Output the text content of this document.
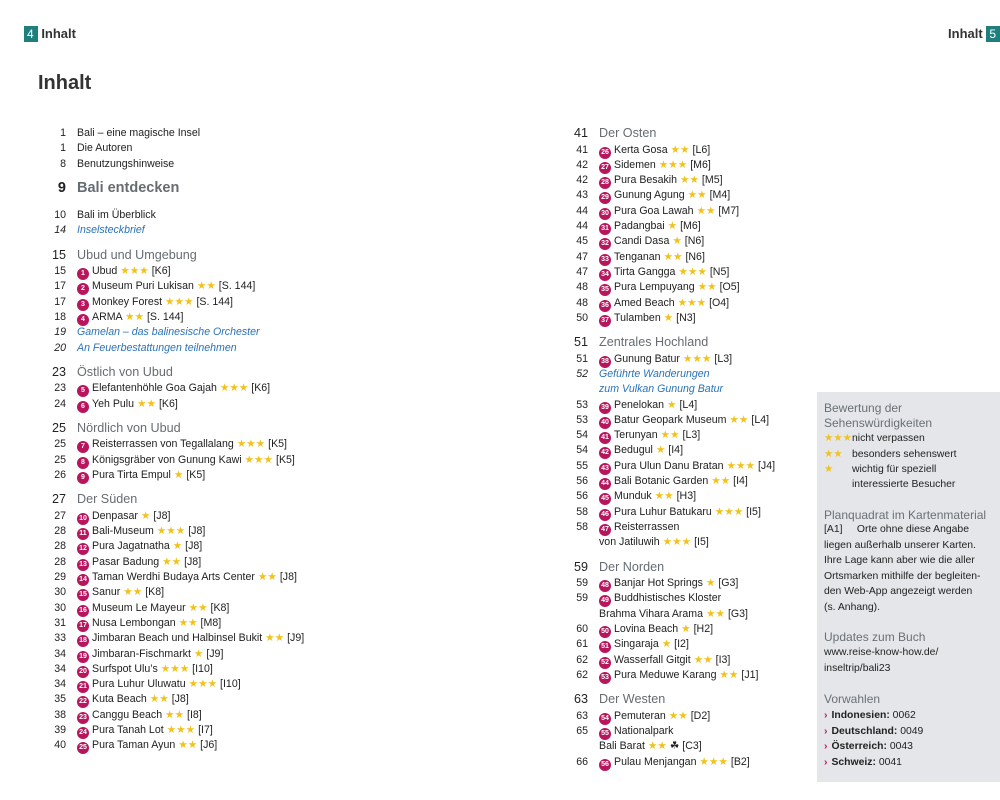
4 Inhalt	Inhalt 5
Inhalt
1 Bali – eine magische Insel
1 Die Autoren
8 Benutzungshinweise
9 Bali entdecken
10 Bali im Überblick
14 Inselsteckbrief
15 Ubud und Umgebung
15	1 Ubud ★★★ [K6]
17	2 Museum Puri Lukisan ★★ [S. 144]
17	3 Monkey Forest ★★★ [S. 144]
18	4 ARMA ★★ [S. 144]
19 Gamelan – das balinesische Orchester
20 An Feuerbestattungen teilnehmen
23 Östlich von Ubud
23	5 Elefantenhöhle Goa Gajah ★★★ [K6]
24	6 Yeh Pulu ★★ [K6]
25 Nördlich von Ubud
25	7 Reisterrassen von Tegallalang ★★★ [K5]
25	8 Königsgräber von Gunung Kawi ★★★ [K5]
26	9 Pura Tirta Empul ★ [K5]
27 Der Süden
27 10 Denpasar ★ [J8]
28	11 Bali-Museum ★★★ [J8]
28 12 Pura Jagatnatha ★ [J8]
28 13 Pasar Badung ★★ [J8]
29 14 Taman Werdhi Budaya Arts Center ★★ [J8]
30 15 Sanur ★★ [K8]
30 16 Museum Le Mayeur ★★ [K8]
31 17 Nusa Lembongan ★★ [M8]
33 18 Jimbaran Beach und Halbinsel Bukit ★★ [J9]
34 19 Jimbaran-Fischmarkt ★ [J9]
34 20 Surfspot Ulu’s ★★★ [I10]
34 21 Pura Luhur Uluwatu ★★★ [I10]
35 22 Kuta Beach ★★ [J8]
38 23 Canggu Beach ★★ [I8]
39 24 Pura Tanah Lot ★★★ [I7]
40 25 Pura Taman Ayun ★★ [J6]
41 Der Osten
41 26 Kerta Gosa ★★ [L6]
42 27 Sidemen ★★★ [M6]
42 28 Pura Besakih ★★ [M5]
43 29 Gunung Agung ★★ [M4]
44 30 Pura Goa Lawah ★★ [M7]
44 31 Padangbai ★ [M6]
45 32 Candi Dasa ★ [N6]
47 33 Tenganan ★★ [N6]
47 34 Tirta Gangga ★★★ [N5]
48 35 Pura Lempuyang ★★ [O5]
48 36 Amed Beach ★★★ [O4]
50 37 Tulamben ★ [N3]
51 Zentrales Hochland
51 38 Gunung Batur ★★★ [L3]
52 Geführte Wanderungen
zum Vulkan Gunung Batur
53 39 Penelokan ★ [L4]
53 40 Batur Geopark Museum ★★ [L4]
54 41 Terunyan ★★ [L3]
54 42 Bedugul ★ [I4]
55 43 Pura Ulun Danu Bratan ★★★ [J4]
56 44 Bali Botanic Garden ★★ [I4]
56 45 Munduk ★★ [H3]
58 46 Pura Luhur Batukaru ★★★ [I5]
58 47 Reisterrassen
von Jatiluwih ★★★ [I5]
59 Der Norden
59 48 Banjar Hot Springs ★ [G3]
59 49 Buddhistisches Kloster
Brahma Vihara Arama ★★ [G3]
60 50 Lovina Beach ★ [H2]
61 51 Singaraja ★ [I2]
62 52 Wasserfall Gitgit ★★ [I3]
62 53 Pura Meduwe Karang ★★ [J1]
63 Der Westen
63 54 Pemuteran ★★ [D2]
65 55 Nationalpark
Bali Barat ★★ ☘ [C3]
66 56 Pulau Menjangan ★★★ [B2]
Bewertung der
Sehenswürdigkeiten
★★★nicht verpassen
★★ besonders sehenswert
★ wichtig für speziell
interessierte Besucher
Planquadrat im Kartenmaterial
[A1]     Orte ohne diese Angabe
liegen außerhalb unserer Karten.
Ihre Lage kann aber wie die aller
Ortsmarken mithilfe der begleiten-
den Web-App angezeigt werden
(s. Anhang).
Updates zum Buch
www.reise-know-how.de/
inseltrip/bali23
Vorwahlen
› Indonesien: 0062
› Deutschland: 0049
› Österreich: 0043
› Schweiz: 0041
